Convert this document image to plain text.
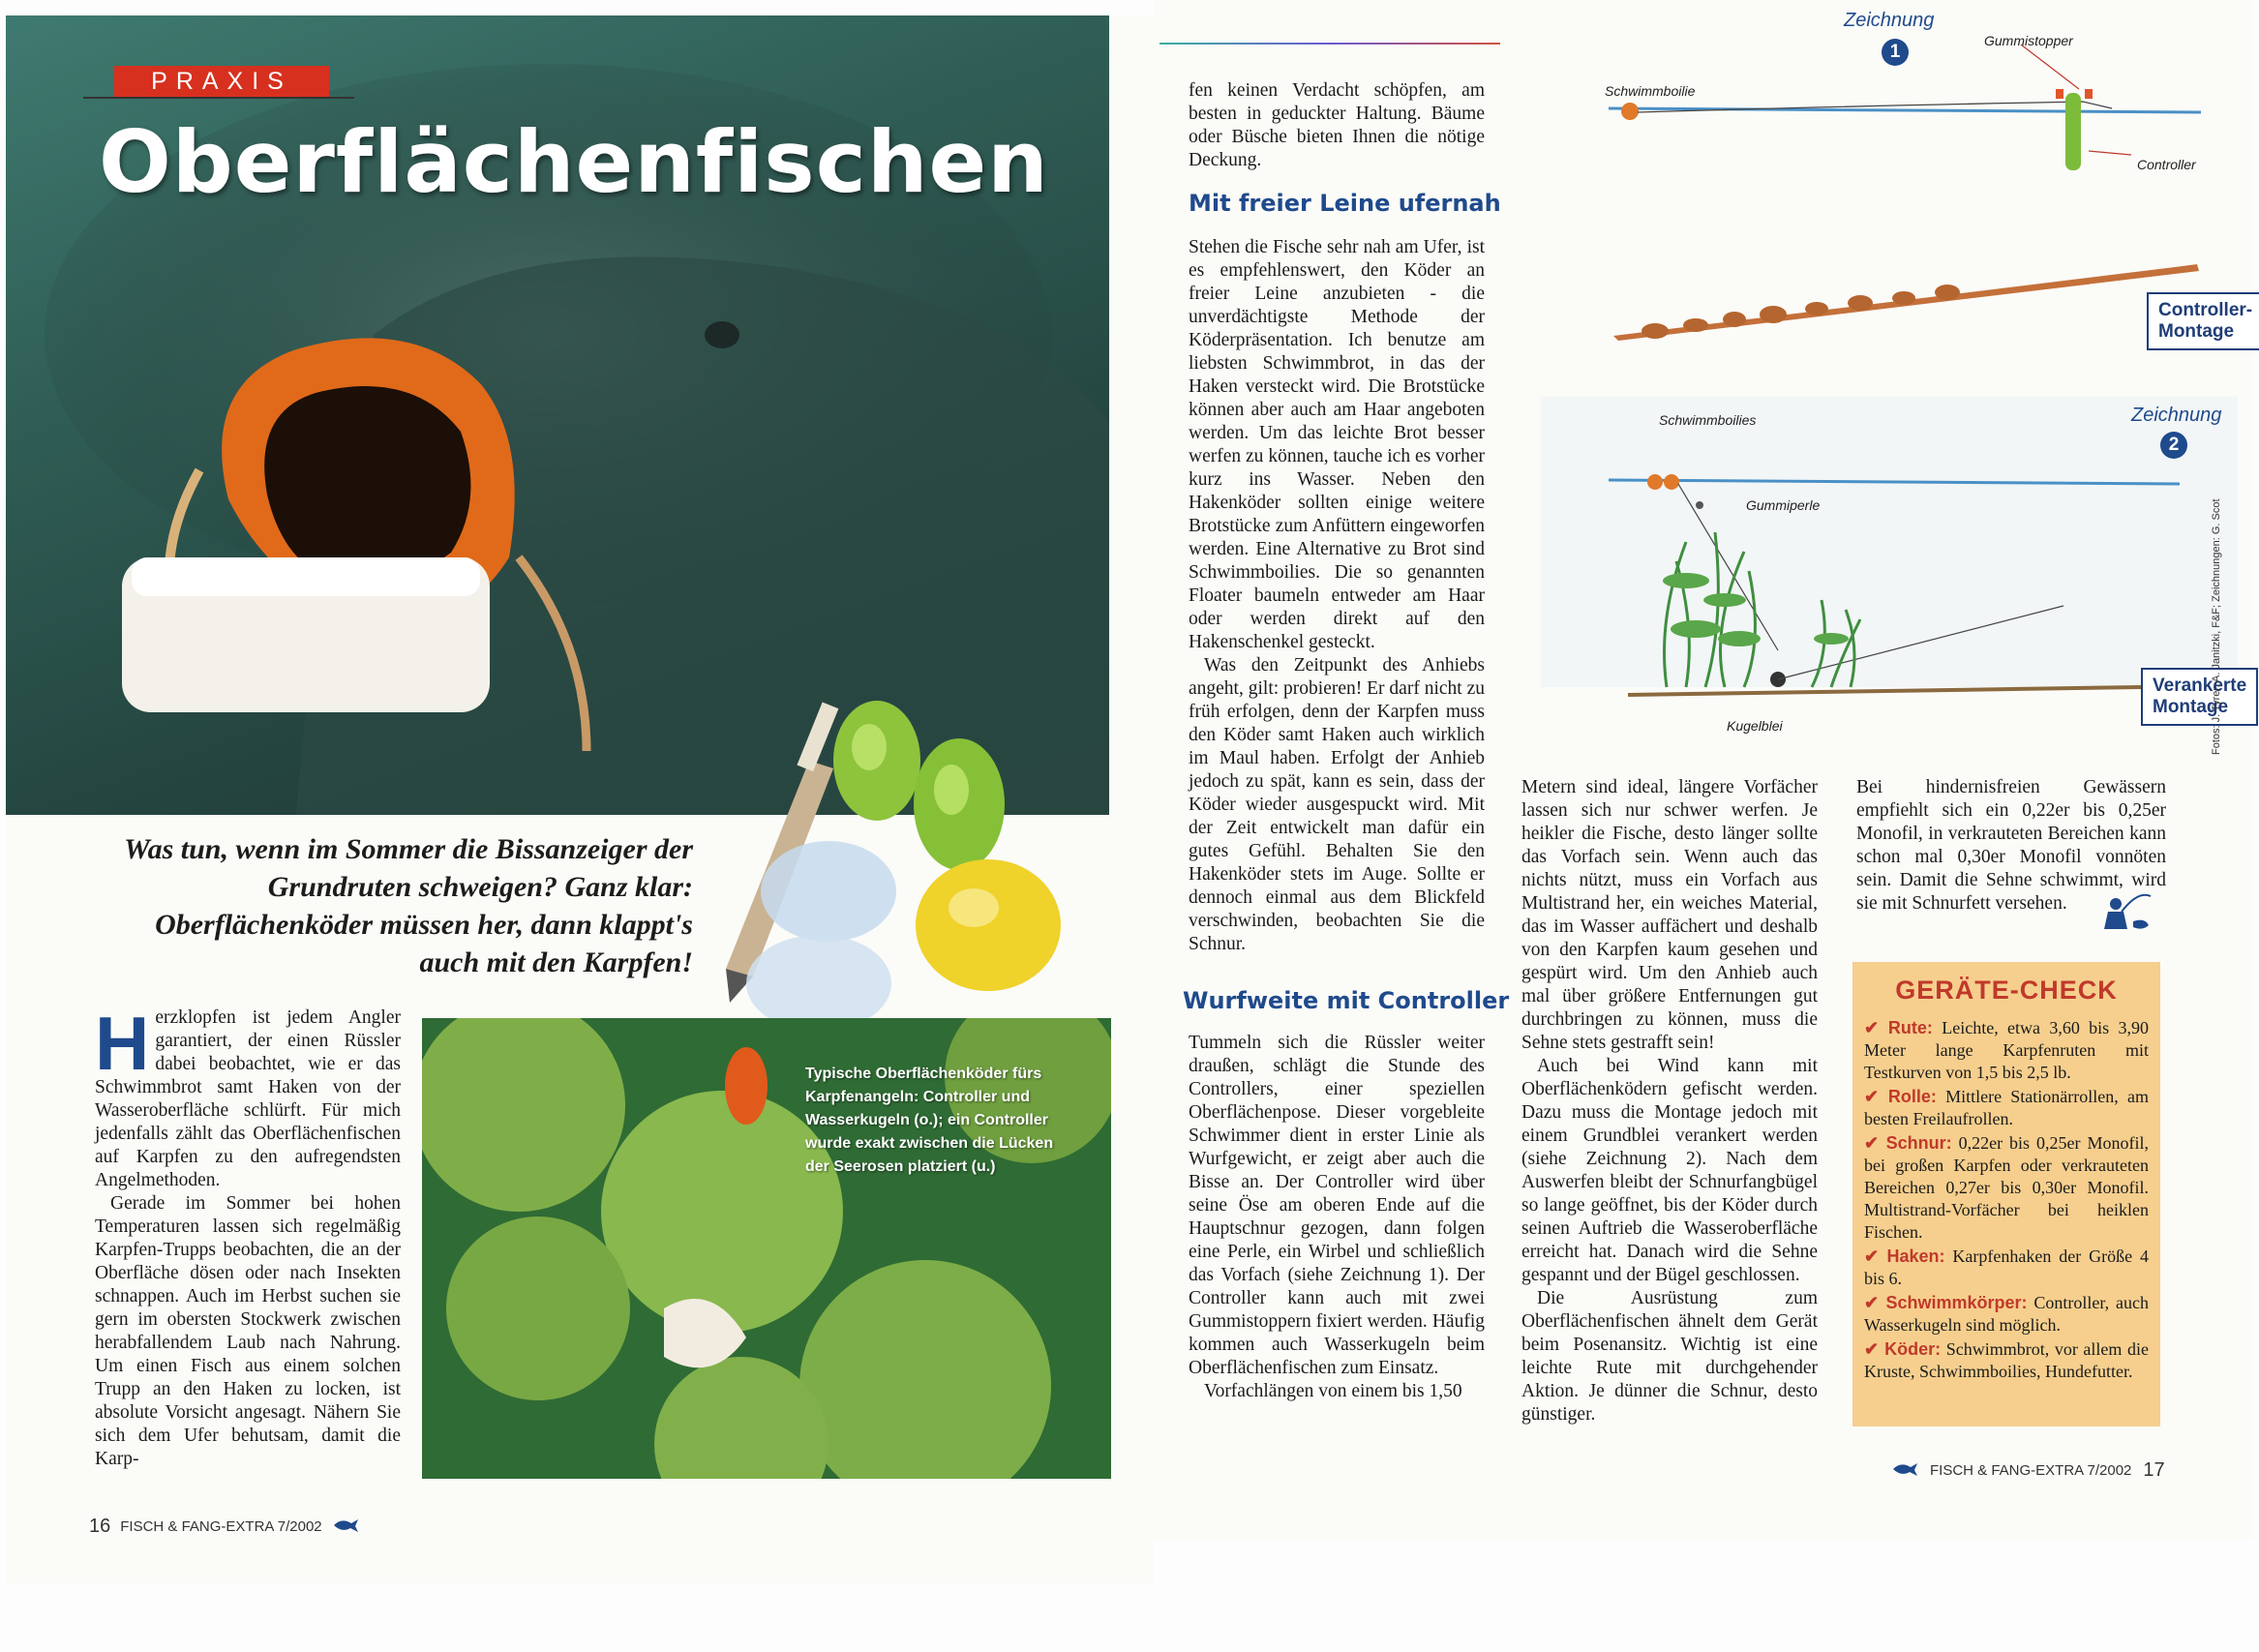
PRAXIS
Oberflächenfischen
Was tun, wenn im Sommer die Bissanzeiger der Grundruten schweigen? Ganz klar: Oberflächenköder müssen her, dann klappt's auch mit den Karpfen!
Typische Oberflächenköder fürs Karpfenangeln: Controller und Wasserkugeln (o.); ein Controller wurde exakt zwischen die Lücken der Seerosen platziert (u.)
H erzklopfen ist jedem Angler garantiert, der einen Rüssler dabei beobachtet, wie er das Schwimmbrot samt Haken von der Wasseroberfläche schlürft. Für mich jedenfalls zählt das Oberflächenfischen auf Karpfen zu den aufregendsten Angelmethoden.

Gerade im Sommer bei hohen Temperaturen lassen sich regelmäßig Karpfen-Trupps beobachten, die an der Oberfläche dösen oder nach Insekten schnappen. Auch im Herbst suchen sie gern im obersten Stockwerk zwischen herabfallendem Laub nach Nahrung. Um einen Fisch aus einem solchen Trupp an den Haken zu locken, ist absolute Vorsicht angesagt. Nähern Sie sich dem Ufer behutsam, damit die Karp-

16 FISCH & FANG-EXTRA 7/2002

fen keinen Verdacht schöpfen, am besten in geduckter Haltung. Bäume oder Büsche bieten Ihnen die nötige Deckung.

Mit freier Leine ufernah

Stehen die Fische sehr nah am Ufer, ist es empfehlenswert, den Köder an freier Leine anzubieten - die unverdächtigste Methode der Köderpräsentation. Ich benutze am liebsten Schwimmbrot, in das der Haken versteckt wird. Die Brotstücke können aber auch am Haar angeboten werden. Um das leichte Brot besser werfen zu können, tauche ich es vorher kurz ins Wasser. Neben den Hakenköder sollten einige weitere Brotstücke zum Anfüttern eingeworfen werden. Eine Alternative zu Brot sind Schwimmboilies. Die so genannten Floater baumeln entweder am Haar oder werden direkt auf den Hakenschenkel gesteckt.

Was den Zeitpunkt des Anhiebs angeht, gilt: probieren! Er darf nicht zu früh erfolgen, denn der Karpfen muss den Köder samt Haken auch wirklich im Maul haben. Erfolgt der Anhieb jedoch zu spät, kann es sein, dass der Köder wieder ausgespuckt wird. Mit der Zeit entwickelt man dafür ein gutes Gefühl. Behalten Sie den Hakenköder stets im Auge. Sollte er dennoch einmal aus dem Blickfeld verschwinden, beobachten Sie die Schnur.

Wurfweite mit Controller

Tummeln sich die Rüssler weiter draußen, schlägt die Stunde des Controllers, einer speziellen Oberflächenpose. Dieser vorgebleite Schwimmer dient in erster Linie als Wurfgewicht, er zeigt aber auch die Bisse an. Der Controller wird über seine Öse am oberen Ende auf die Hauptschnur gezogen, dann folgen eine Perle, ein Wirbel und schließlich das Vorfach (siehe Zeichnung 1). Der Controller kann auch mit zwei Gummistoppern fixiert werden. Häufig kommen auch Wasserkugeln beim Oberflächenfischen zum Einsatz.

Vorfachlängen von einem bis 1,50

Metern sind ideal, längere Vorfächer lassen sich nur schwer werfen. Je heikler die Fische, desto länger sollte das Vorfach sein. Wenn auch das nichts nützt, muss ein Vorfach aus Multistrand her, ein weiches Material, das im Wasser auffächert und deshalb von den Karpfen kaum gesehen und gespürt wird. Um den Anhieb auch mal über größere Entfernungen gut durchbringen zu können, muss die Sehne stets gestrafft sein!

Auch bei Wind kann mit Oberflächenködern gefischt werden. Dazu muss die Montage jedoch mit einem Grundblei verankert werden (siehe Zeichnung 2). Nach dem Auswerfen bleibt der Schnurfangbügel so lange geöffnet, bis der Köder durch seinen Auftrieb die Wasseroberfläche erreicht hat. Danach wird die Sehne gespannt und der Bügel geschlossen.

Die Ausrüstung zum Oberflächenfischen ähnelt dem Gerät beim Posenansitz. Wichtig ist eine leichte Rute mit durchgehender Aktion. Je dünner die Schnur, desto günstiger.

Bei hindernisfreien Gewässern empfiehlt sich ein 0,22er bis 0,25er Monofil, in verkrauteten Bereichen kann schon mal 0,30er Monofil vonnöten sein. Damit die Sehne schwimmt, wird sie mit Schnurfett versehen.

GERÄTE-CHECK
✔ Rute: Leichte, etwa 3,60 bis 3,90 Meter lange Karpfenruten mit Testkurven von 1,5 bis 2,5 lb.
✔ Rolle: Mittlere Stationärrollen, am besten Freilaufrollen.
✔ Schnur: 0,22er bis 0,25er Monofil, bei großen Karpfen oder verkrauteten Bereichen 0,27er bis 0,30er Monofil. Multistrand-Vorfächer bei heiklen Fischen.
✔ Haken: Karpfenhaken der Größe 4 bis 6.
✔ Schwimmkörper: Controller, auch Wasserkugeln sind möglich.
✔ Köder: Schwimmbrot, vor allem die Kruste, Schwimmboilies, Hundefutter.
Zeichnung
1
Schwimmboilie
Gummistopper
Controller
Controller-Montage
Schwimmboilies
Gummiperle
Kugelblei
Zeichnung
2
Verankerte Montage
Fotos: J. Tyrer, A. Janitzki, F&F; Zeichnungen: G. Scot
FISCH & FANG-EXTRA 7/2002 17
